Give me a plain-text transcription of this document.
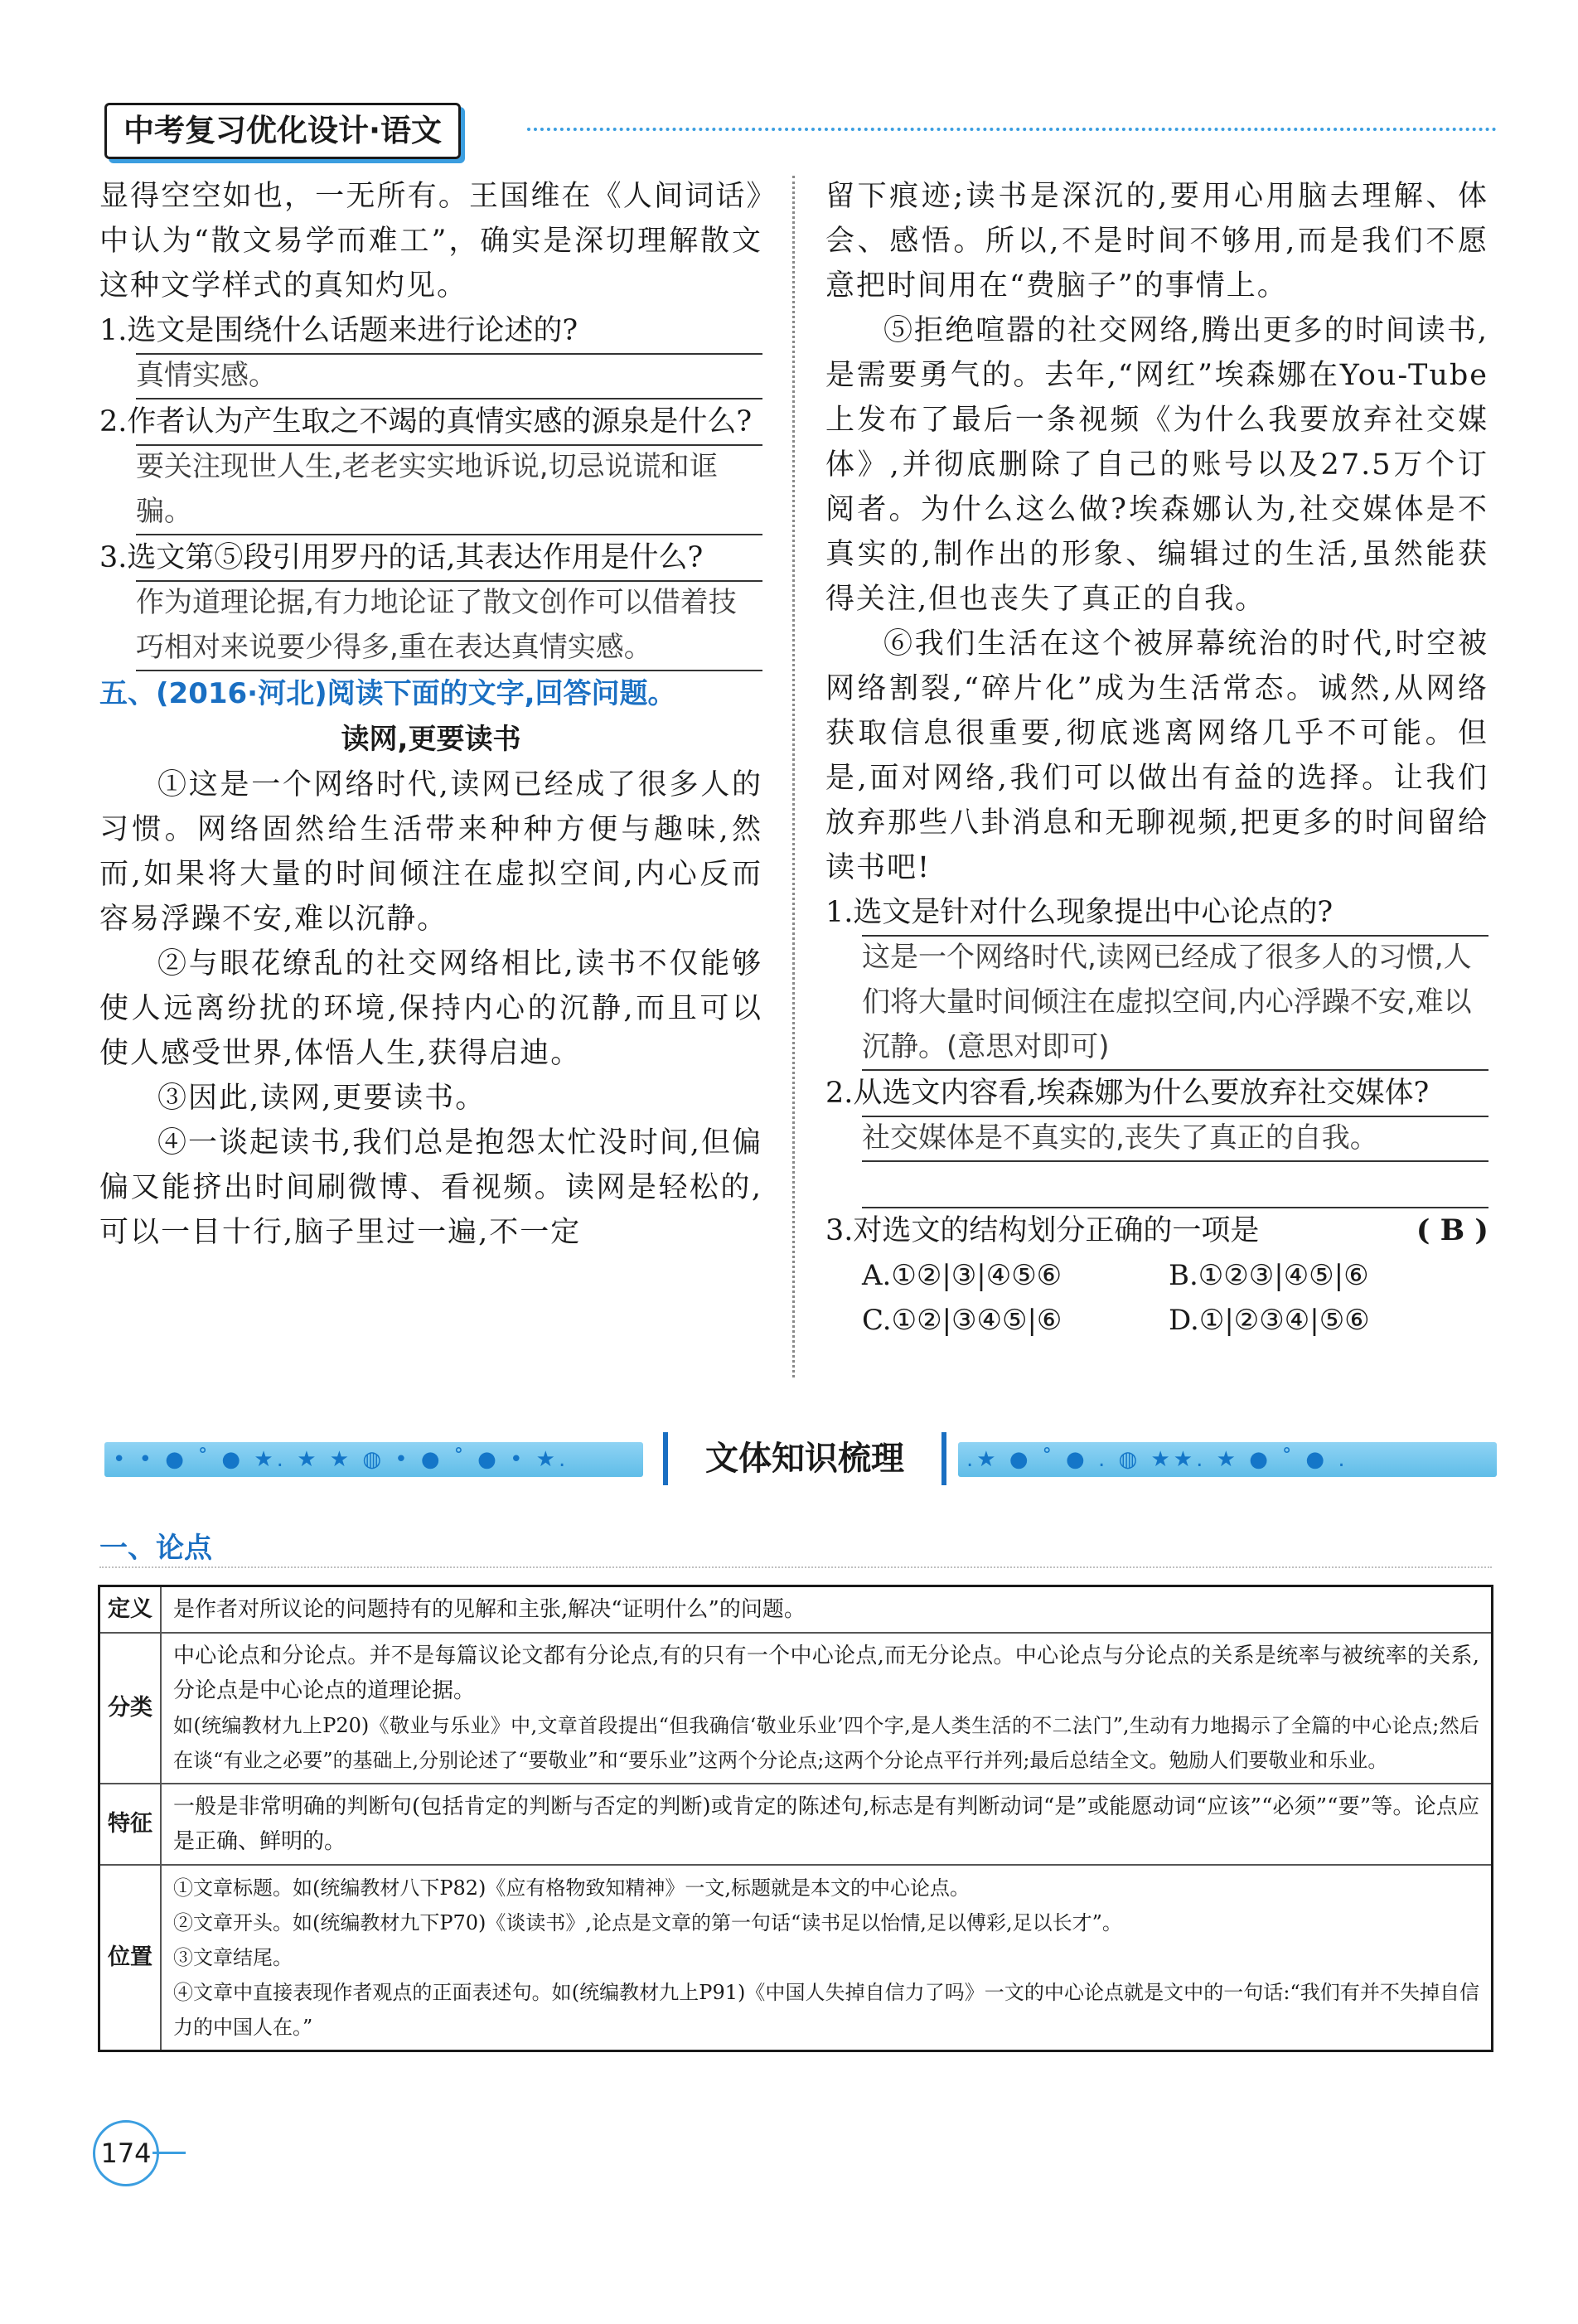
中考复习优化设计·语文

显得空空如也，一无所有。王国维在《人间词话》中认为“散文易学而难工”，确实是深切理解散文这种文学样式的真知灼见。

1.选文是围绕什么话题来进行论述的?

真情实感。

2.作者认为产生取之不竭的真情实感的源泉是什么?

要关注现世人生,老老实实地诉说,切忌说谎和诓骗。

3.选文第⑤段引用罗丹的话,其表达作用是什么?

作为道理论据,有力地论证了散文创作可以借着技巧相对来说要少得多,重在表达真情实感。

五、(2016·河北)阅读下面的文字,回答问题。

读网,更要读书

①这是一个网络时代,读网已经成了很多人的习惯。网络固然给生活带来种种方便与趣味,然而,如果将大量的时间倾注在虚拟空间,内心反而容易浮躁不安,难以沉静。

②与眼花缭乱的社交网络相比,读书不仅能够使人远离纷扰的环境,保持内心的沉静,而且可以使人感受世界,体悟人生,获得启迪。

③因此,读网,更要读书。

④一谈起读书,我们总是抱怨太忙没时间,但偏偏又能挤出时间刷微博、看视频。读网是轻松的,可以一目十行,脑子里过一遍,不一定

留下痕迹;读书是深沉的,要用心用脑去理解、体会、感悟。所以,不是时间不够用,而是我们不愿意把时间用在“费脑子”的事情上。

⑤拒绝喧嚣的社交网络,腾出更多的时间读书,是需要勇气的。去年,“网红”埃森娜在You-Tube上发布了最后一条视频《为什么我要放弃社交媒体》,并彻底删除了自己的账号以及27.5万个订阅者。为什么这么做?埃森娜认为,社交媒体是不真实的,制作出的形象、编辑过的生活,虽然能获得关注,但也丧失了真正的自我。

⑥我们生活在这个被屏幕统治的时代,时空被网络割裂,“碎片化”成为生活常态。诚然,从网络获取信息很重要,彻底逃离网络几乎不可能。但是,面对网络,我们可以做出有益的选择。让我们放弃那些八卦消息和无聊视频,把更多的时间留给读书吧!

1.选文是针对什么现象提出中心论点的?

这是一个网络时代,读网已经成了很多人的习惯,人们将大量时间倾注在虚拟空间,内心浮躁不安,难以沉静。(意思对即可)

2.从选文内容看,埃森娜为什么要放弃社交媒体?

社交媒体是不真实的,丧失了真正的自我。

3.对选文的结构划分正确的一项是	( B )

A.①②|③|④⑤⑥	B.①②③|④⑤|⑥
C.①②|③④⑤|⑥	D.①|②③④|⑤⑥
• • ● ˚ ● ★. ★ ★ ◍ • ● ˚ ● • ★.	文体知识梳理	.★ ● ˚ ● . ◍ ★★. ★ ● ˚ ● .
一、论点
定义	是作者对所议论的问题持有的见解和主张,解决“证明什么”的问题。

分类	中心论点和分论点。并不是每篇议论文都有分论点,有的只有一个中心论点,而无分论点。中心论点与分论点的关系是统率与被统率的关系,分论点是中心论点的道理论据。
如(统编教材九上P20)《敬业与乐业》中,文章首段提出“但我确信‘敬业乐业’四个字,是人类生活的不二法门”,生动有力地揭示了全篇的中心论点;然后在谈“有业之必要”的基础上,分别论述了“要敬业”和“要乐业”这两个分论点;这两个分论点平行并列;最后总结全文。勉励人们要敬业和乐业。

特征	一般是非常明确的判断句(包括肯定的判断与否定的判断)或肯定的陈述句,标志是有判断动词“是”或能愿动词“应该”“必须”“要”等。论点应是正确、鲜明的。

位置	①文章标题。如(统编教材八下P82)《应有格物致知精神》一文,标题就是本文的中心论点。
②文章开头。如(统编教材九下P70)《谈读书》,论点是文章的第一句话“读书足以怡情,足以傅彩,足以长才”。
③文章结尾。
④文章中直接表现作者观点的正面表述句。如(统编教材九上P91)《中国人失掉自信力了吗》一文的中心论点就是文中的一句话:“我们有并不失掉自信力的中国人在。”
174
